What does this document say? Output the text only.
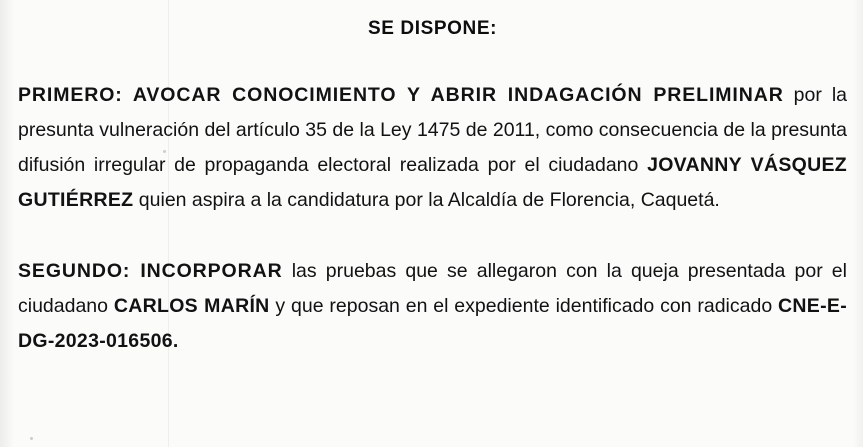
SE DISPONE:

PRIMERO: AVOCAR CONOCIMIENTO Y ABRIR INDAGACIÓN PRELIMINAR por la presunta vulneración del artículo 35 de la Ley 1475 de 2011, como consecuencia de la presunta difusión irregular de propaganda electoral realizada por el ciudadano JOVANNY VÁSQUEZ GUTIÉRREZ quien aspira a la candidatura por la Alcaldía de Florencia, Caquetá.

SEGUNDO: INCORPORAR las pruebas que se allegaron con la queja presentada por el ciudadano CARLOS MARÍN y que reposan en el expediente identificado con radicado CNE-E-DG-2023-016506.
